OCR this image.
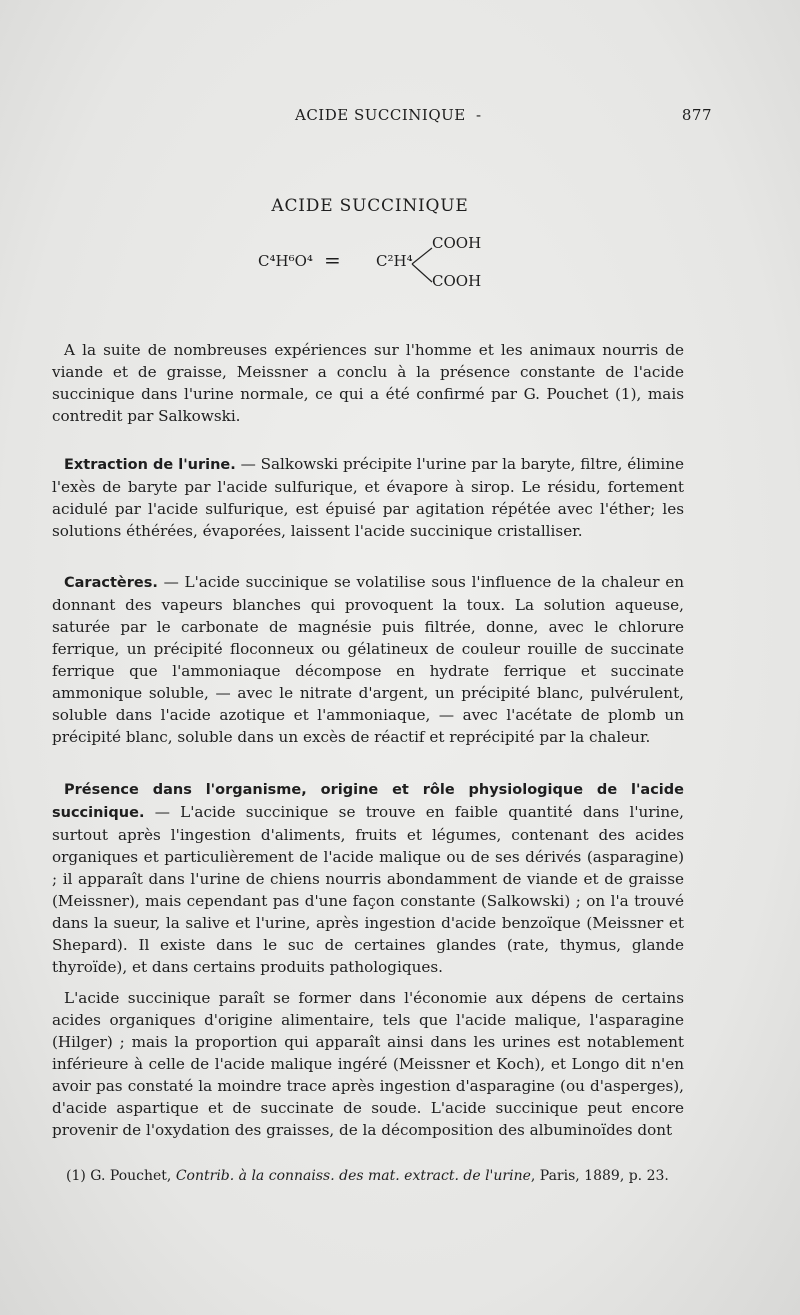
ACIDE SUCCINIQUE -	877
ACIDE SUCCINIQUE
C⁴H⁶O⁴ = C²H⁴
COOH
COOH

A la suite de nombreuses expériences sur l'homme et les animaux nourris de viande et de graisse, Meissner a conclu à la présence constante de l'acide succinique dans l'urine normale, ce qui a été confirmé par G. Pouchet (1), mais contredit par Salkowski.

Extraction de l'urine. — Salkowski précipite l'urine par la baryte, filtre, élimine l'exès de baryte par l'acide sulfurique, et évapore à sirop. Le résidu, fortement acidulé par l'acide sulfurique, est épuisé par agitation répétée avec l'éther; les solutions éthérées, évaporées, laissent l'acide succinique cristalliser.

Caractères. — L'acide succinique se volatilise sous l'influence de la chaleur en donnant des vapeurs blanches qui provoquent la toux. La solution aqueuse, saturée par le carbonate de magnésie puis filtrée, donne, avec le chlorure ferrique, un précipité floconneux ou gélatineux de couleur rouille de succinate ferrique que l'ammoniaque décompose en hydrate ferrique et succinate ammonique soluble, — avec le nitrate d'argent, un précipité blanc, pulvérulent, soluble dans l'acide azotique et l'ammoniaque, — avec l'acétate de plomb un précipité blanc, soluble dans un excès de réactif et reprécipité par la chaleur.

Présence dans l'organisme, origine et rôle physiologique de l'acide succinique. — L'acide succinique se trouve en faible quantité dans l'urine, surtout après l'ingestion d'aliments, fruits et légumes, contenant des acides organiques et particulièrement de l'acide malique ou de ses dérivés (asparagine) ; il apparaît dans l'urine de chiens nourris abondamment de viande et de graisse (Meissner), mais cependant pas d'une façon constante (Salkowski) ; on l'a trouvé dans la sueur, la salive et l'urine, après ingestion d'acide benzoïque (Meissner et Shepard). Il existe dans le suc de certaines glandes (rate, thymus, glande thyroïde), et dans certains produits pathologiques.

L'acide succinique paraît se former dans l'économie aux dépens de certains acides organiques d'origine alimentaire, tels que l'acide malique, l'asparagine (Hilger) ; mais la proportion qui apparaît ainsi dans les urines est notablement inférieure à celle de l'acide malique ingéré (Meissner et Koch), et Longo dit n'en avoir pas constaté la moindre trace après ingestion d'asparagine (ou d'asperges), d'acide aspartique et de succinate de soude. L'acide succinique peut encore provenir de l'oxydation des graisses, de la décomposition des albuminoïdes dont

(1) G. Pouchet, Contrib. à la connaiss. des mat. extract. de l'urine, Paris, 1889, p. 23.
